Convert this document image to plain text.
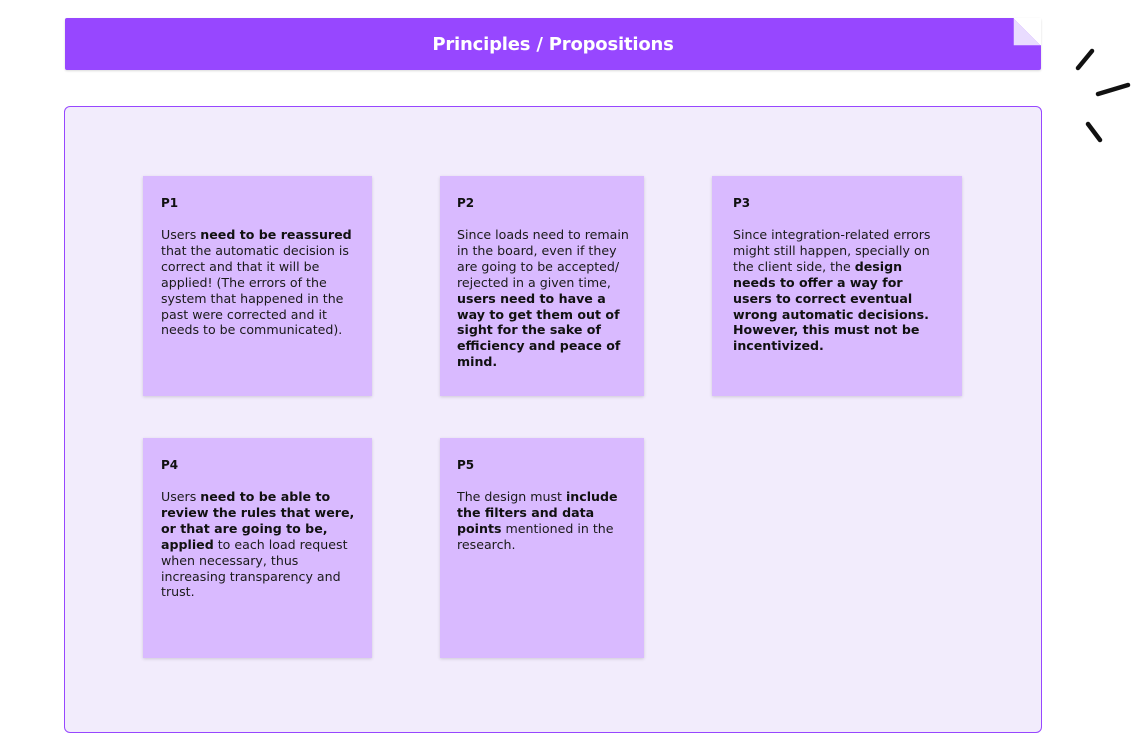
Principles / Propositions

P1

Users need to be reassured that the automatic decision is correct and that it will be applied! (The errors of the system that happened in the past were corrected and it needs to be communicated).

P2

Since loads need to remain in the board, even if they are going to be accepted/ rejected in a given time, users need to have a way to get them out of sight for the sake of efficiency and peace of mind.

P3

Since integration-related errors might still happen, specially on the client side, the design needs to offer a way for users to correct eventual wrong automatic decisions. However, this must not be incentivized.

P4

Users need to be able to review the rules that were, or that are going to be, applied to each load request when necessary, thus increasing transparency and trust.

P5

The design must include the filters and data points mentioned in the research.
